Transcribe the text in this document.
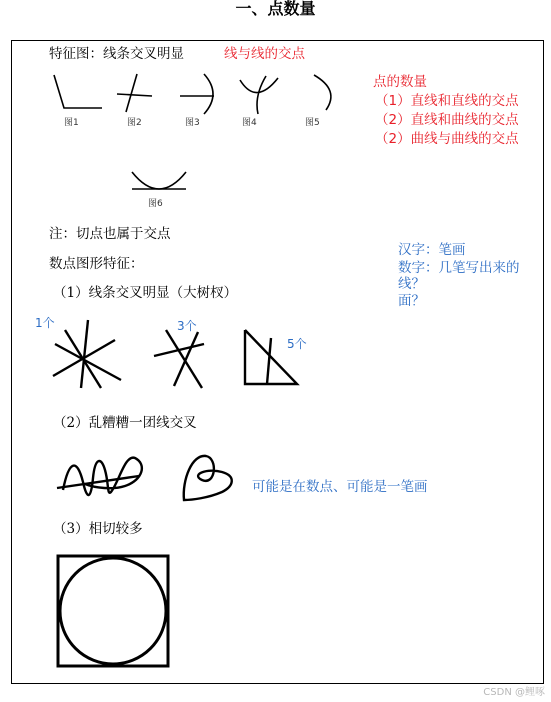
一、点数量
特征图：线条交叉明显	线与线的交点
图1	图2	图3	图4	图5
点的数量
（1）直线和直线的交点
（2）直线和曲线的交点
（2）曲线与曲线的交点
图6
注：切点也属于交点
汉字：笔画
数字：几笔写出来的
线？
面？
数点图形特征：
（1）线条交叉明显（大树杈）
1个	3个
5个
（2）乱糟糟一团线交叉
可能是在数点、可能是一笔画
（3）相切较多
CSDN @鲤啄
